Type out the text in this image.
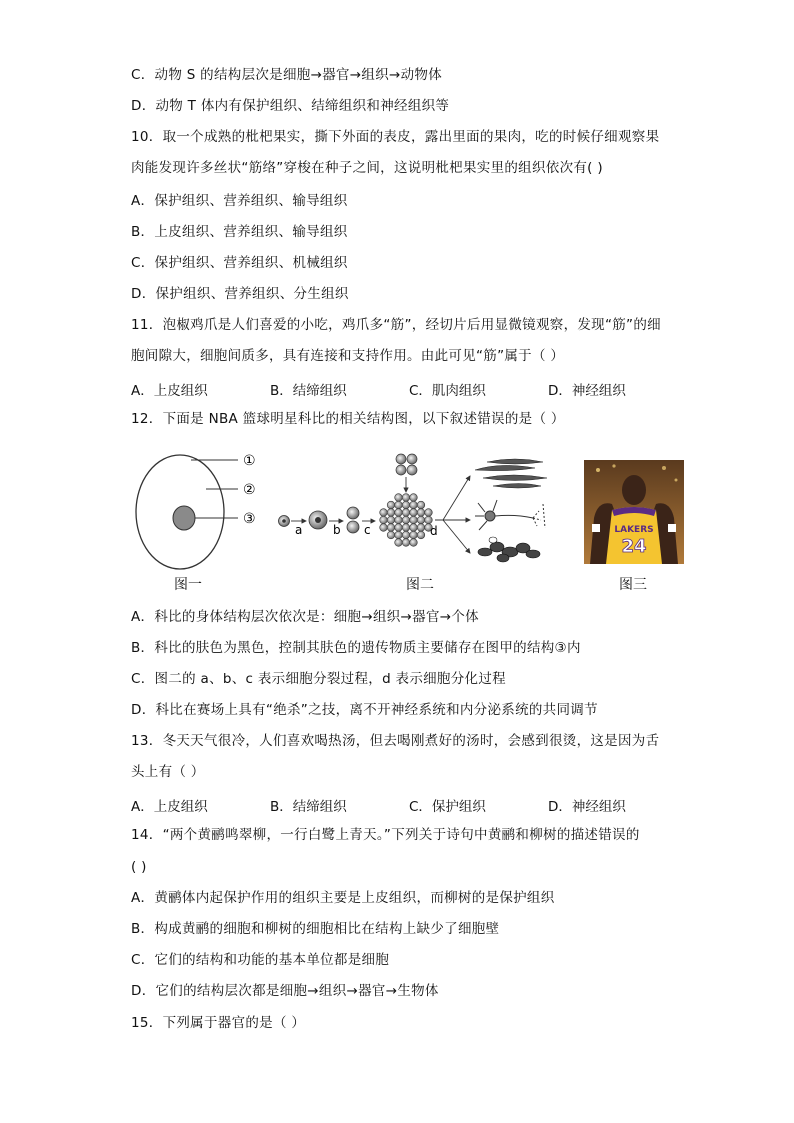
C．动物 S 的结构层次是细胞→器官→组织→动物体
D．动物 T 体内有保护组织、结缔组织和神经组织等
10．取一个成熟的枇杷果实，撕下外面的表皮，露出里面的果肉，吃的时候仔细观察果
肉能发现许多丝状“筋络”穿梭在种子之间，这说明枇杷果实里的组织依次有( )
A．保护组织、营养组织、输导组织
B．上皮组织、营养组织、输导组织
C．保护组织、营养组织、机械组织
D．保护组织、营养组织、分生组织
11．泡椒鸡爪是人们喜爱的小吃，鸡爪多“筋”，经切片后用显微镜观察，发现“筋”的细
胞间隙大，细胞间质多，具有连接和支持作用。由此可见“筋”属于（ ）
A．上皮组织	B．结缔组织	C．肌肉组织	D．神经组织
12．下面是 NBA 篮球明星科比的相关结构图，以下叙述错误的是（ ）
①
②
③
图一
a	b c	d
图二
LAKERS
24
图三
A．科比的身体结构层次依次是：细胞→组织→器官→个体
B．科比的肤色为黑色，控制其肤色的遗传物质主要储存在图甲的结构③内
C．图二的 a、b、c 表示细胞分裂过程，d 表示细胞分化过程
D．科比在赛场上具有“绝杀”之技，离不开神经系统和内分泌系统的共同调节
13．冬天天气很冷，人们喜欢喝热汤，但去喝刚煮好的汤时，会感到很烫，这是因为舌
头上有（ ）
A．上皮组织	B．结缔组织	C．保护组织	D．神经组织
14．“两个黄鹂鸣翠柳，一行白鹭上青天。”下列关于诗句中黄鹂和柳树的描述错误的
( )
A．黄鹂体内起保护作用的组织主要是上皮组织，而柳树的是保护组织
B．构成黄鹂的细胞和柳树的细胞相比在结构上缺少了细胞壁
C．它们的结构和功能的基本单位都是细胞
D．它们的结构层次都是细胞→组织→器官→生物体
15．下列属于器官的是（ ）
